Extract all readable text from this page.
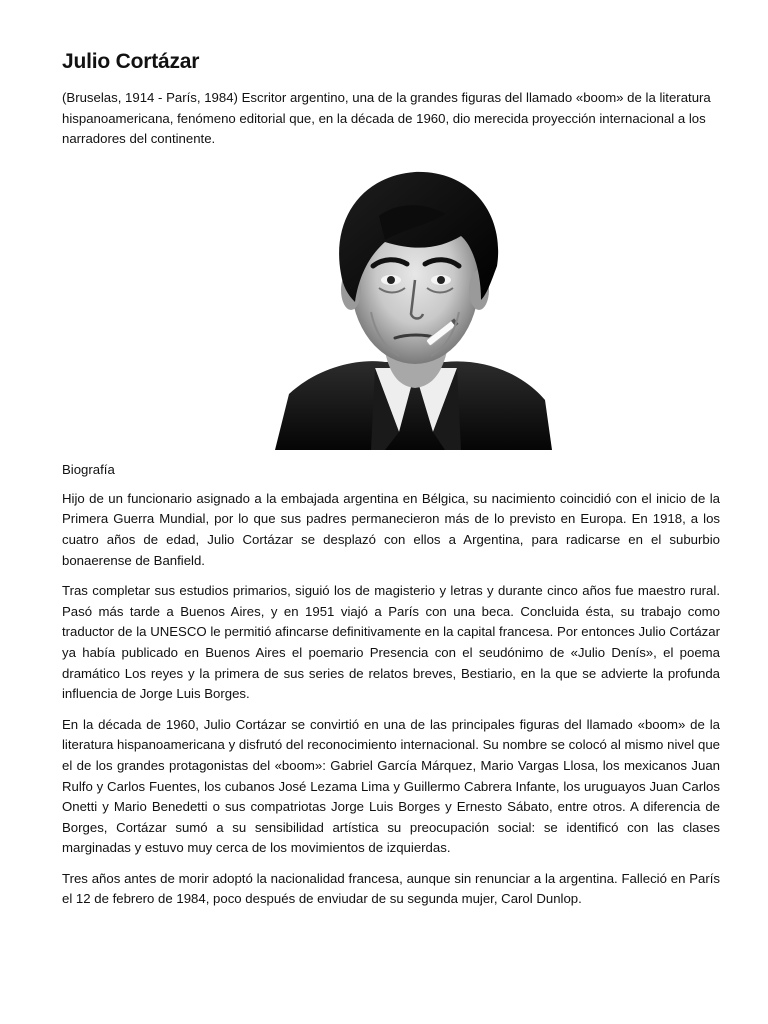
Julio Cortázar

(Bruselas, 1914 - París, 1984) Escritor argentino, una de la grandes figuras del llamado «boom» de la literatura hispanoamericana, fenómeno editorial que, en la década de 1960, dio merecida proyección internacional a los narradores del continente.

Biografía

Hijo de un funcionario asignado a la embajada argentina en Bélgica, su nacimiento coincidió con el inicio de la Primera Guerra Mundial, por lo que sus padres permanecieron más de lo previsto en Europa. En 1918, a los cuatro años de edad, Julio Cortázar se desplazó con ellos a Argentina, para radicarse en el suburbio bonaerense de Banfield.

Tras completar sus estudios primarios, siguió los de magisterio y letras y durante cinco años fue maestro rural. Pasó más tarde a Buenos Aires, y en 1951 viajó a París con una beca. Concluida ésta, su trabajo como traductor de la UNESCO le permitió afincarse definitivamente en la capital francesa. Por entonces Julio Cortázar ya había publicado en Buenos Aires el poemario Presencia con el seudónimo de «Julio Denís», el poema dramático Los reyes y la primera de sus series de relatos breves, Bestiario, en la que se advierte la profunda influencia de Jorge Luis Borges.

En la década de 1960, Julio Cortázar se convirtió en una de las principales figuras del llamado «boom» de la literatura hispanoamericana y disfrutó del reconocimiento internacional. Su nombre se colocó al mismo nivel que el de los grandes protagonistas del «boom»: Gabriel García Márquez, Mario Vargas Llosa, los mexicanos Juan Rulfo y Carlos Fuentes, los cubanos José Lezama Lima y Guillermo Cabrera Infante, los uruguayos Juan Carlos Onetti y Mario Benedetti o sus compatriotas Jorge Luis Borges y Ernesto Sábato, entre otros. A diferencia de Borges, Cortázar sumó a su sensibilidad artística su preocupación social: se identificó con las clases marginadas y estuvo muy cerca de los movimientos de izquierdas.

Tres años antes de morir adoptó la nacionalidad francesa, aunque sin renunciar a la argentina. Falleció en París el 12 de febrero de 1984, poco después de enviudar de su segunda mujer, Carol Dunlop.
